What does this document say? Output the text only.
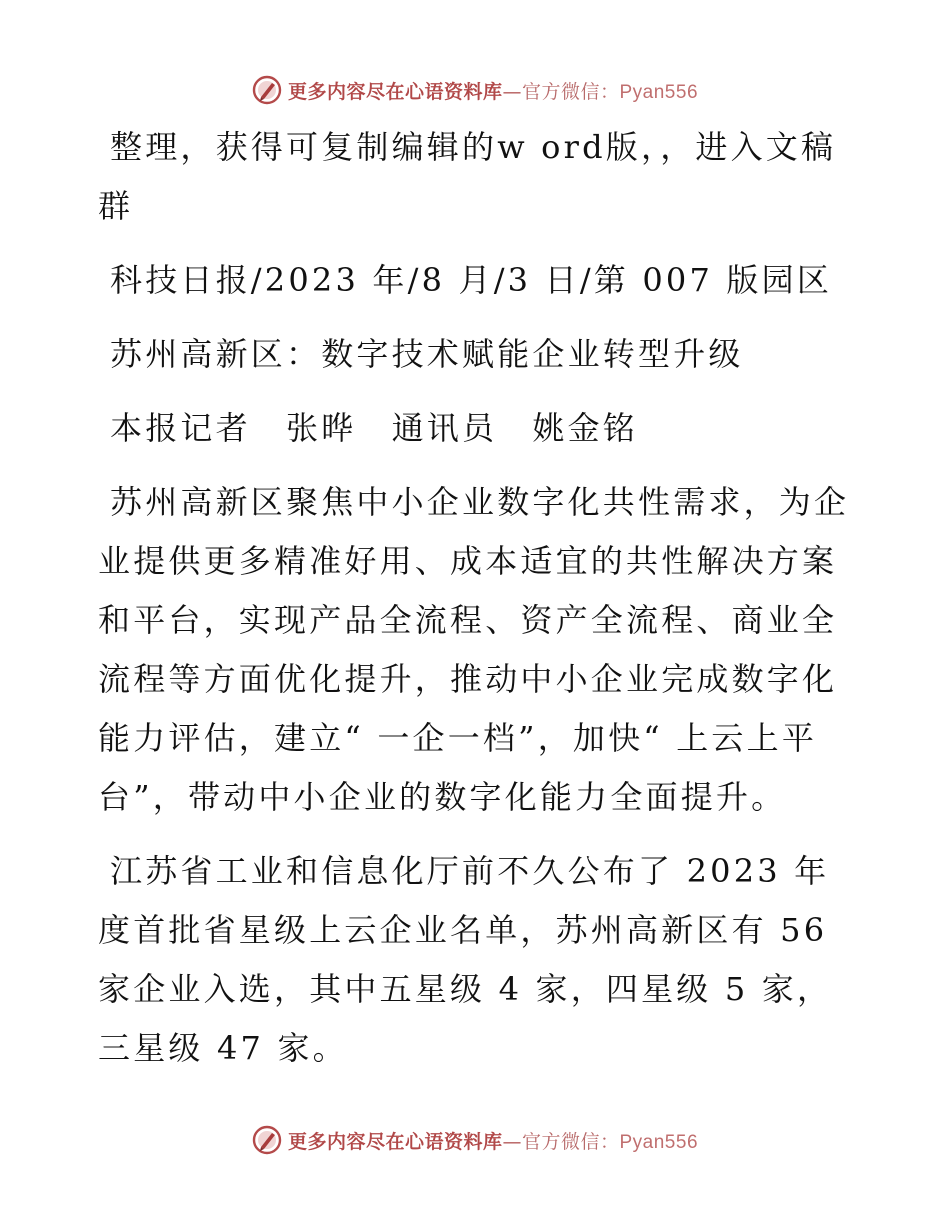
更多内容尽在心语资料库—官方微信：Pyan556

整理，获得可复制编辑的w ord版，，进入文稿群

科技日报/2023 年/8 月/3 日/第 007 版园区

苏州高新区：数字技术赋能企业转型升级

本报记者　张晔　通讯员　姚金铭

苏州高新区聚焦中小企业数字化共性需求，为企业提供更多精准好用、成本适宜的共性解决方案和平台，实现产品全流程、资产全流程、商业全流程等方面优化提升，推动中小企业完成数字化能力评估，建立“ 一企一档”，加快“ 上云上平台”，带动中小企业的数字化能力全面提升。

江苏省工业和信息化厅前不久公布了 2023 年度首批省星级上云企业名单，苏州高新区有 56家企业入选，其中五星级 4 家，四星级 5 家，三星级 47 家。

更多内容尽在心语资料库—官方微信：Pyan556
